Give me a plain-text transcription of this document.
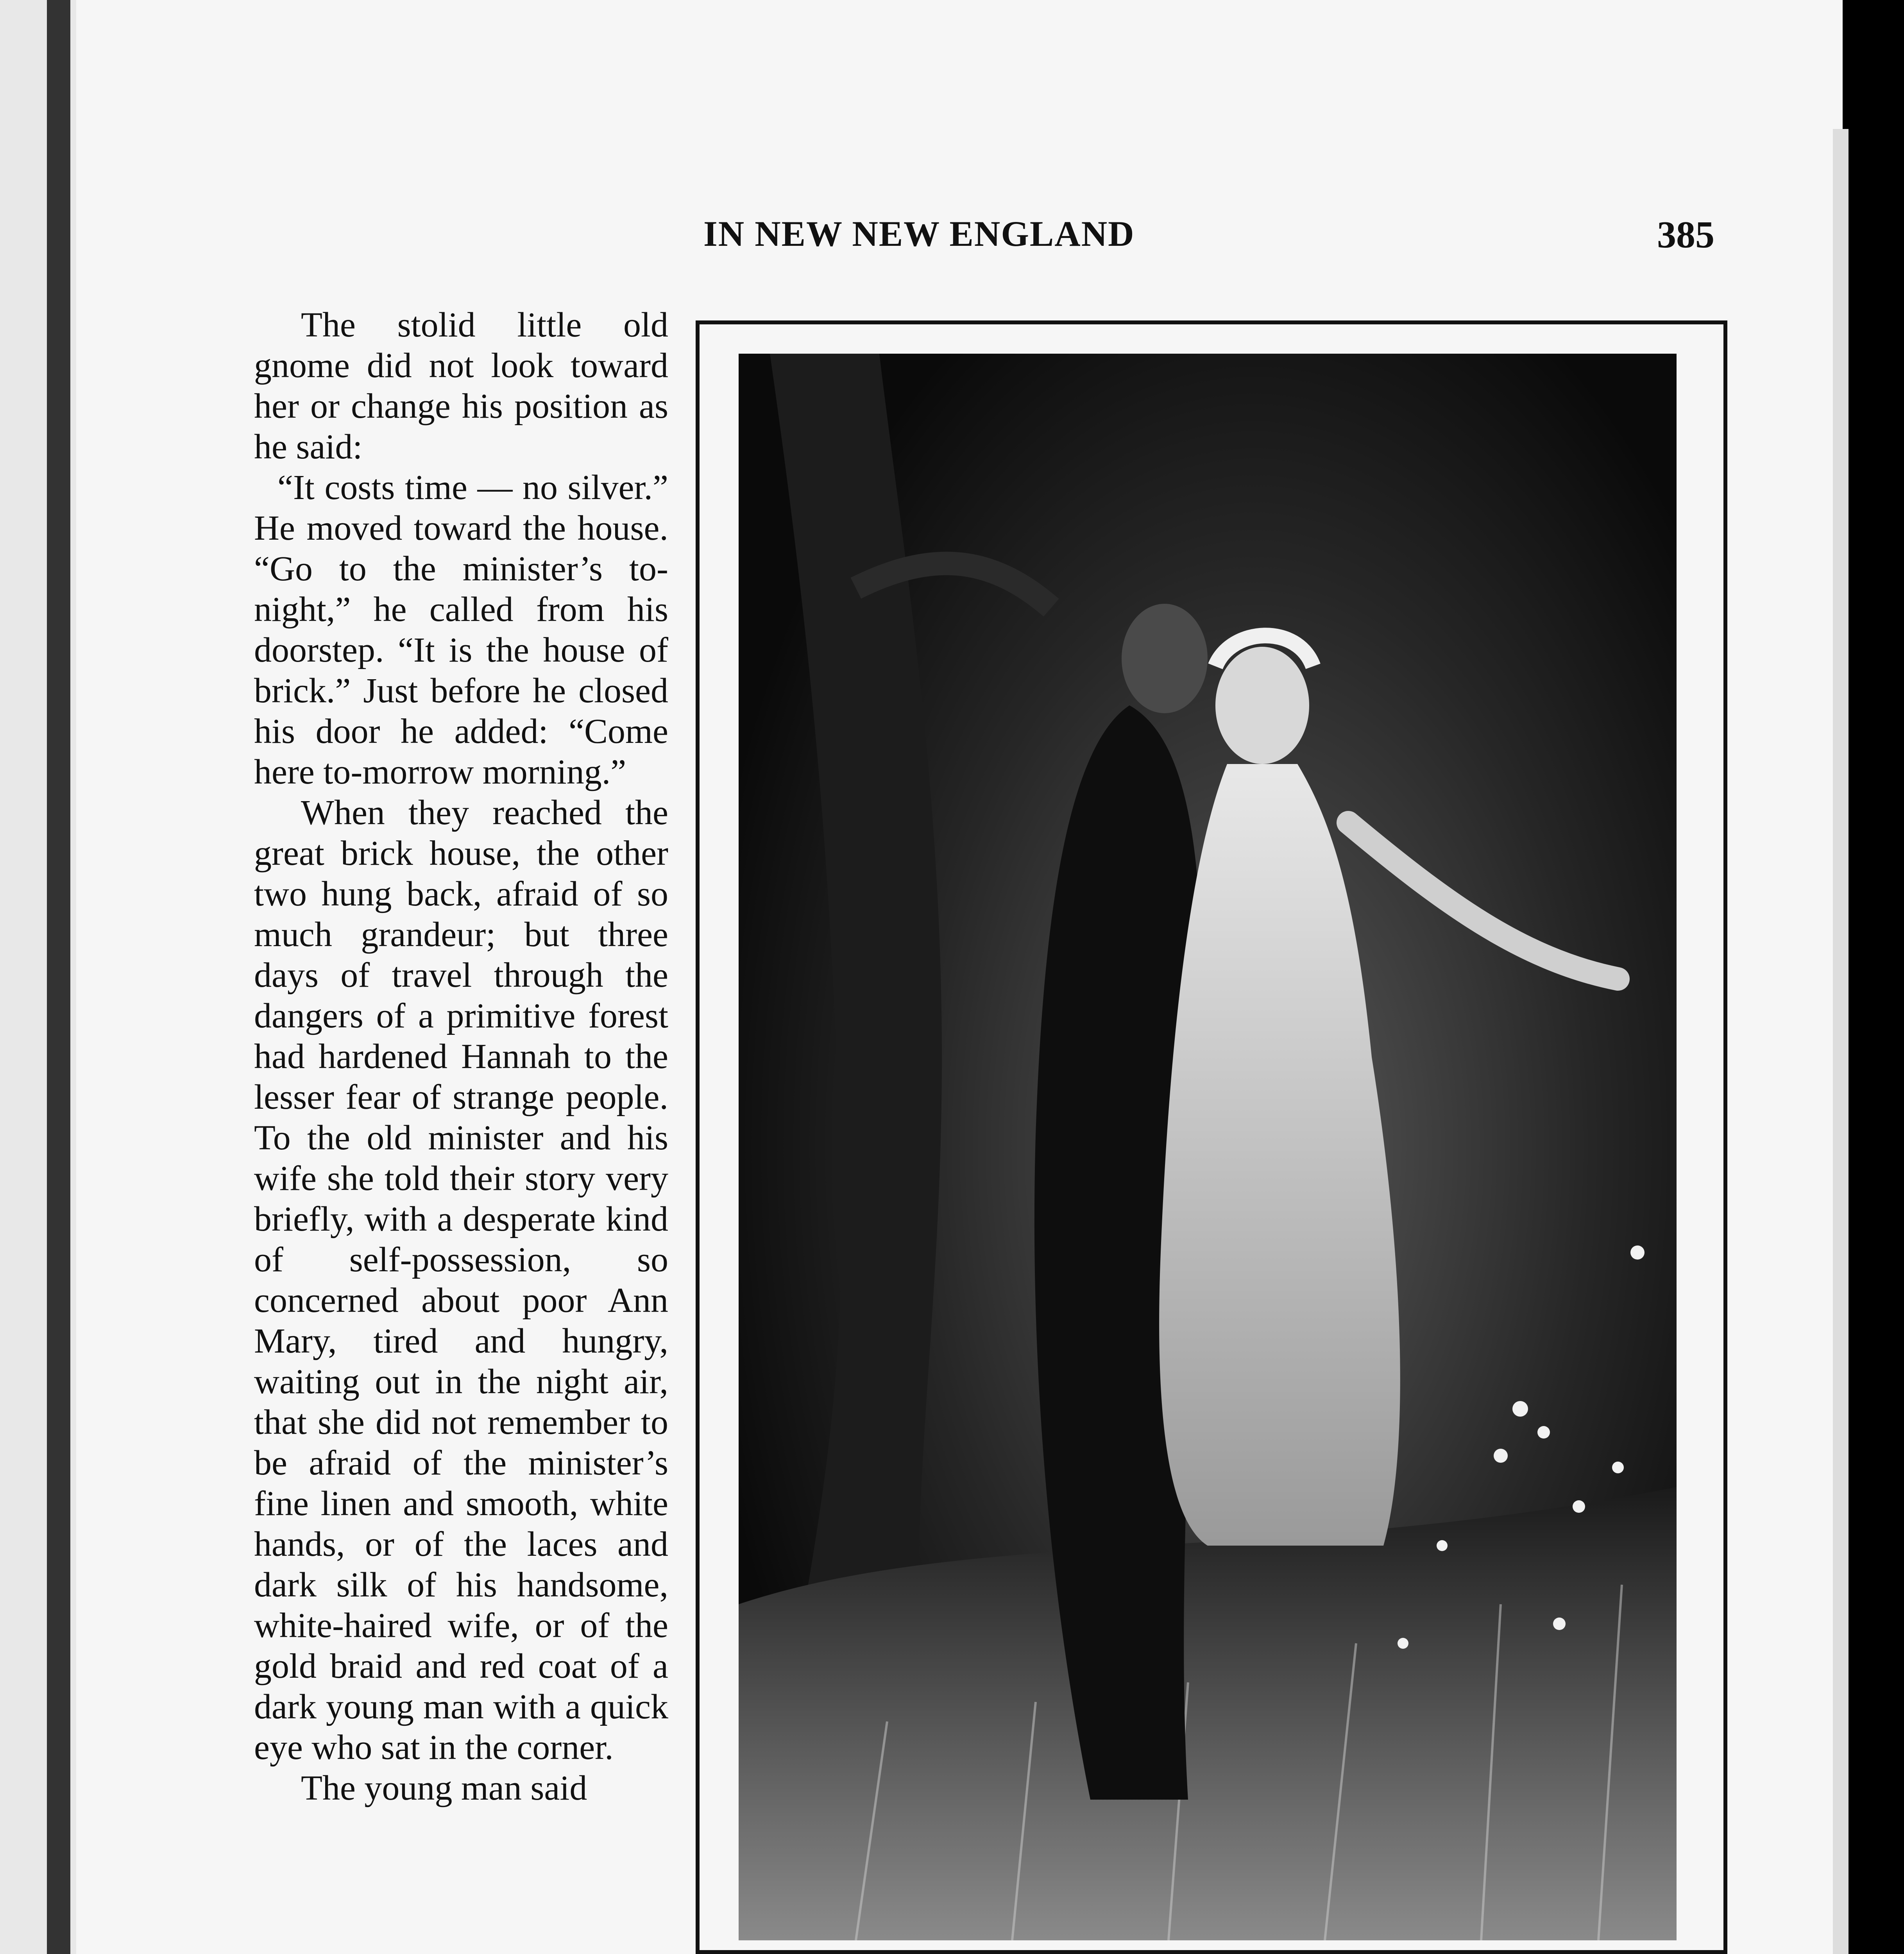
IN NEW NEW ENGLAND	385

The stolid little old gnome did not look toward her or change his position as he said:

“It costs time — no silver.” He moved toward the house. “Go to the minister’s to-night,” he called from his doorstep. “It is the house of brick.” Just before he closed his door he added: “Come here to-morrow morning.”

When they reached the great brick house, the other two hung back, afraid of so much grandeur; but three days of travel through the dangers of a primitive forest had hardened Hannah to the lesser fear of strange people. To the old minister and his wife she told their story very briefly, with a desperate kind of self-possession, so concerned about poor Ann Mary, tired and hungry, waiting out in the night air, that she did not remember to be afraid of the minister’s fine linen and smooth, white hands, or of the laces and dark silk of his handsome, white-haired wife, or of the gold braid and red coat of a dark young man with a quick eye who sat in the corner.

The young man said
